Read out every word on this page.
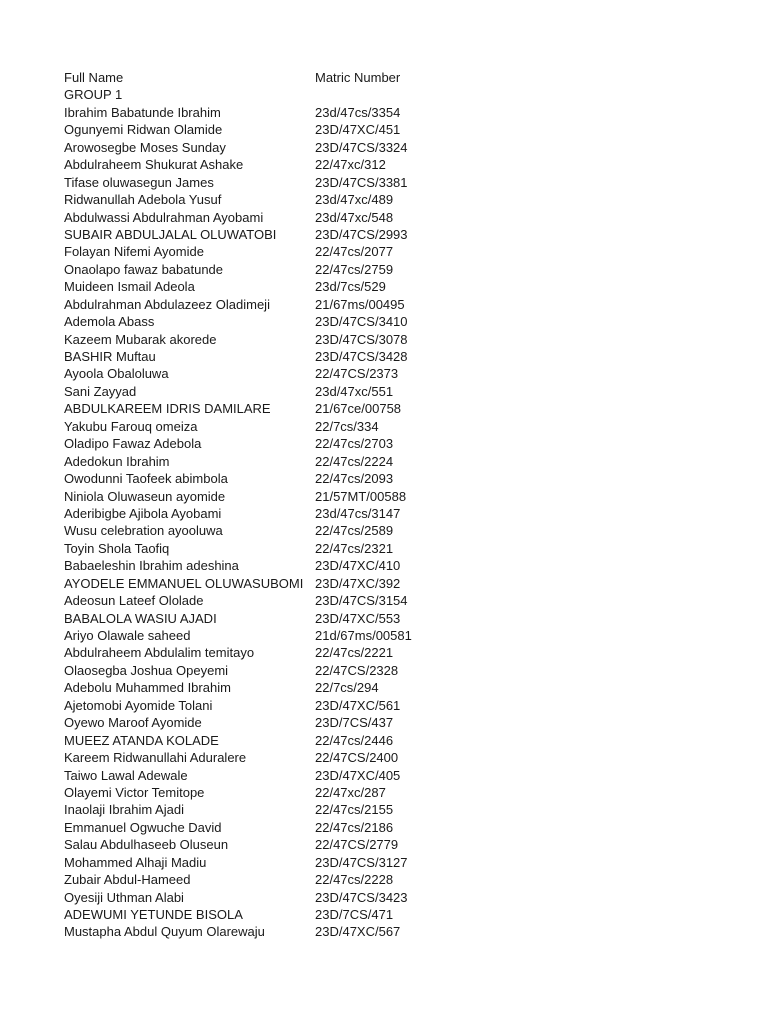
Full Name	Matric Number
GROUP 1
Ibrahim Babatunde Ibrahim	23d/47cs/3354
Ogunyemi Ridwan Olamide	23D/47XC/451
Arowosegbe Moses Sunday	23D/47CS/3324
Abdulraheem Shukurat Ashake	22/47xc/312
Tifase oluwasegun James	23D/47CS/3381
Ridwanullah Adebola Yusuf	23d/47xc/489
Abdulwassi Abdulrahman Ayobami	23d/47xc/548
SUBAIR ABDULJALAL OLUWATOBI	23D/47CS/2993
Folayan Nifemi Ayomide	22/47cs/2077
Onaolapo fawaz babatunde	22/47cs/2759
Muideen Ismail Adeola	23d/7cs/529
Abdulrahman Abdulazeez Oladimeji	21/67ms/00495
Ademola Abass	23D/47CS/3410
Kazeem Mubarak akorede	23D/47CS/3078
BASHIR Muftau	23D/47CS/3428
Ayoola Obaloluwa	22/47CS/2373
Sani Zayyad	23d/47xc/551
ABDULKAREEM IDRIS DAMILARE	21/67ce/00758
Yakubu Farouq omeiza	22/7cs/334
Oladipo Fawaz Adebola	22/47cs/2703
Adedokun Ibrahim	22/47cs/2224
Owodunni Taofeek abimbola	22/47cs/2093
Niniola Oluwaseun ayomide	21/57MT/00588
Aderibigbe Ajibola Ayobami	23d/47cs/3147
Wusu celebration ayooluwa	22/47cs/2589
Toyin Shola Taofiq	22/47cs/2321
Babaeleshin Ibrahim adeshina	23D/47XC/410
AYODELE EMMANUEL OLUWASUBOMI 23D/47XC/392
Adeosun Lateef Ololade	23D/47CS/3154
BABALOLA WASIU AJADI	23D/47XC/553
Ariyo Olawale saheed	21d/67ms/00581
Abdulraheem Abdulalim temitayo	22/47cs/2221
Olaosegba Joshua Opeyemi	22/47CS/2328
Adebolu Muhammed Ibrahim	22/7cs/294
Ajetomobi Ayomide Tolani	23D/47XC/561
Oyewo Maroof Ayomide	23D/7CS/437
MUEEZ ATANDA KOLADE	22/47cs/2446
Kareem Ridwanullahi Aduralere	22/47CS/2400
Taiwo Lawal Adewale	23D/47XC/405
Olayemi Victor Temitope	22/47xc/287
Inaolaji Ibrahim Ajadi	22/47cs/2155
Emmanuel Ogwuche David	22/47cs/2186
Salau Abdulhaseeb Oluseun	22/47CS/2779
Mohammed Alhaji Madiu	23D/47CS/3127
Zubair Abdul-Hameed	22/47cs/2228
Oyesiji Uthman Alabi	23D/47CS/3423
ADEWUMI YETUNDE BISOLA	23D/7CS/471
Mustapha Abdul Quyum Olarewaju	23D/47XC/567
